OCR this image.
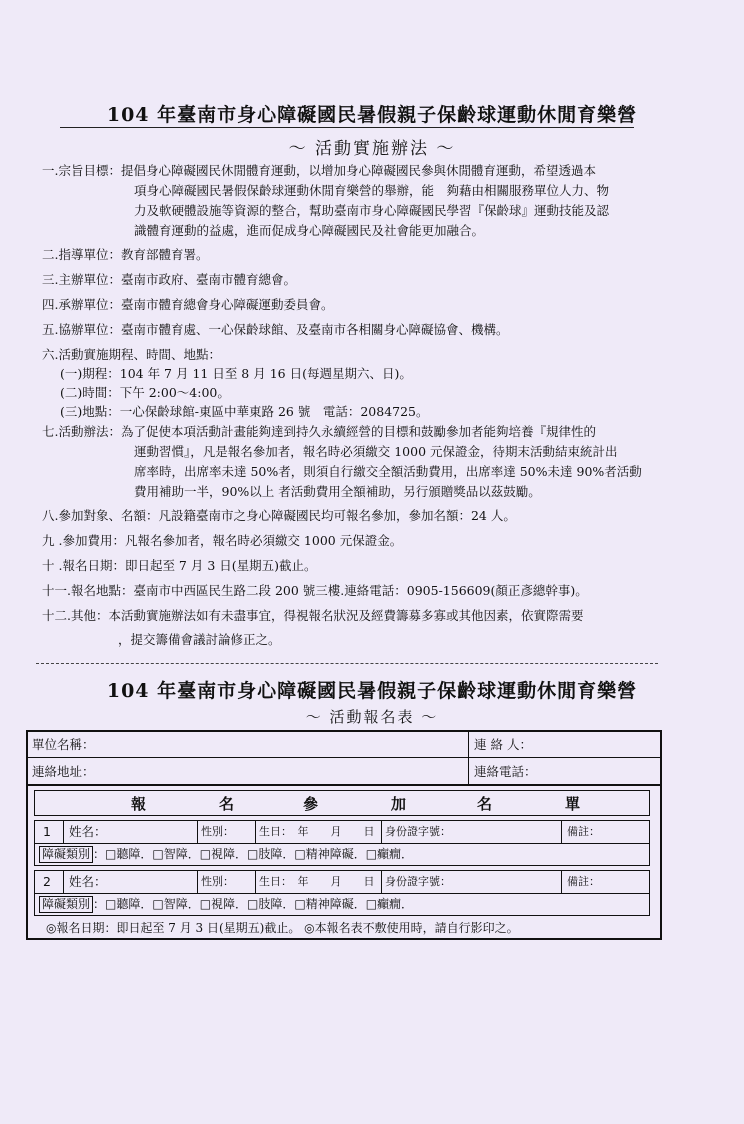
104 年臺南市身心障礙國民暑假親子保齡球運動休閒育樂營
～ 活動實施辦法 ～
一.宗旨目標：提倡身心障礙國民休閒體育運動，以增加身心障礙國民參與休閒體育運動，希望透過本
項身心障礙國民暑假保齡球運動休閒育樂營的舉辦，能　夠藉由相關服務單位人力、物
力及軟硬體設施等資源的整合，幫助臺南市身心障礙國民學習『保齡球』運動技能及認
識體育運動的益處，進而促成身心障礙國民及社會能更加融合。
二.指導單位：教育部體育署。
三.主辦單位：臺南市政府、臺南市體育總會。
四.承辦單位：臺南市體育總會身心障礙運動委員會。
五.協辦單位：臺南市體育處、一心保齡球館、及臺南市各相關身心障礙協會、機構。
六.活動實施期程、時間、地點：
(一)期程：104 年 7 月 11 日至 8 月 16 日(每週星期六、日)。
(二)時間：下午 2:00～4:00。
(三)地點：一心保齡球館-東區中華東路 26 號　電話：2084725。
七.活動辦法：為了促使本項活動計畫能夠達到持久永續經營的目標和鼓勵參加者能夠培養『規律性的
運動習慣』，凡是報名參加者，報名時必須繳交 1000 元保證金，待期末活動結束統計出
席率時，出席率未達 50%者，則須自行繳交全額活動費用，出席率達 50%未達 90%者活動
費用補助一半，90%以上 者活動費用全額補助，另行頒贈獎品以茲鼓勵。
八.參加對象、名額：凡設籍臺南市之身心障礙國民均可報名參加，參加名額：24 人。
九 .參加費用：凡報名參加者，報名時必須繳交 1000 元保證金。
十 .報名日期：即日起至 7 月 3 日(星期五)截止。
十一.報名地點：臺南市中西區民生路二段 200 號三樓.連絡電話：0905-156609(顏正彥總幹事)。
十二.其他：本活動實施辦法如有未盡事宜，得視報名狀況及經費籌募多寡或其他因素，依實際需要
，提交籌備會議討論修正之。
104 年臺南市身心障礙國民暑假親子保齡球運動休閒育樂營
～ 活動報名表 ～
單位名稱：	連 絡 人：
連絡地址：	連絡電話：
報	名	參	加	名	單
1 姓名：	性別： 生日：　年　　月　　日 身份證字號：	備註：
障礙類別 ：□聽障．□智障．□視障．□肢障．□精神障礙．□癲癇．
2 姓名：	性別： 生日：　年　　月　　日 身份證字號：	備註：
障礙類別 ：□聽障．□智障．□視障．□肢障．□精神障礙．□癲癇．
◎報名日期：即日起至 7 月 3 日(星期五)截止。 ◎本報名表不敷使用時，請自行影印之。
